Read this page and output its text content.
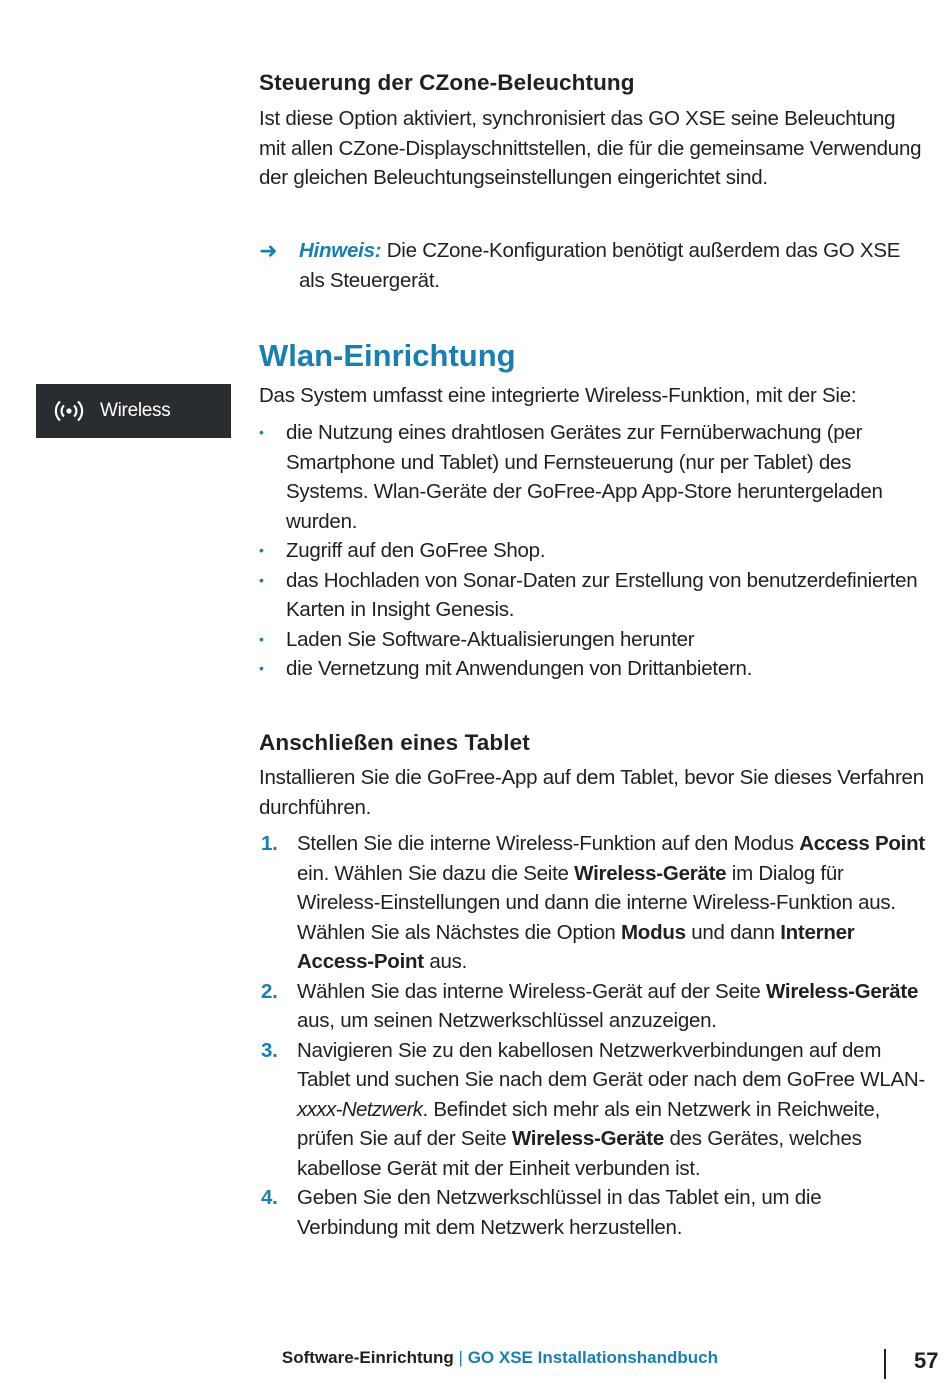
Wireless
Steuerung der CZone-Beleuchtung

Ist diese Option aktiviert, synchronisiert das GO XSE seine Beleuchtung mit allen CZone-Displayschnittstellen, die für die gemeinsame Verwendung der gleichen Beleuchtungseinstellungen eingerichtet sind.

➜	Hinweis: Die CZone-Konfiguration benötigt außerdem das GO XSE als Steuergerät.
Wlan-Einrichtung

Das System umfasst eine integrierte Wireless-Funktion, mit der Sie:

• die Nutzung eines drahtlosen Gerätes zur Fernüberwachung (per Smartphone und Tablet) und Fernsteuerung (nur per Tablet) des Systems. Wlan-Geräte der GoFree-App App-Store heruntergeladen wurden.
• Zugriff auf den GoFree Shop.
• das Hochladen von Sonar-Daten zur Erstellung von benutzerdefinierten Karten in Insight Genesis.
• Laden Sie Software-Aktualisierungen herunter
• die Vernetzung mit Anwendungen von Drittanbietern.
Anschließen eines Tablet

Installieren Sie die GoFree-App auf dem Tablet, bevor Sie dieses Verfahren durchführen.

1. Stellen Sie die interne Wireless-Funktion auf den Modus Access Point ein. Wählen Sie dazu die Seite Wireless-Geräte im Dialog für Wireless-Einstellungen und dann die interne Wireless-Funktion aus. Wählen Sie als Nächstes die Option Modus und dann Interner Access-Point aus.
2. Wählen Sie das interne Wireless-Gerät auf der Seite Wireless-Geräte aus, um seinen Netzwerkschlüssel anzuzeigen.
3. Navigieren Sie zu den kabellosen Netzwerkverbindungen auf dem Tablet und suchen Sie nach dem Gerät oder nach dem GoFree WLAN-xxxx-Netzwerk. Befindet sich mehr als ein Netzwerk in Reichweite, prüfen Sie auf der Seite Wireless-Geräte des Gerätes, welches kabellose Gerät mit der Einheit verbunden ist.
4. Geben Sie den Netzwerkschlüssel in das Tablet ein, um die Verbindung mit dem Netzwerk herzustellen.
Software-Einrichtung | GO XSE Installationshandbuch	57
